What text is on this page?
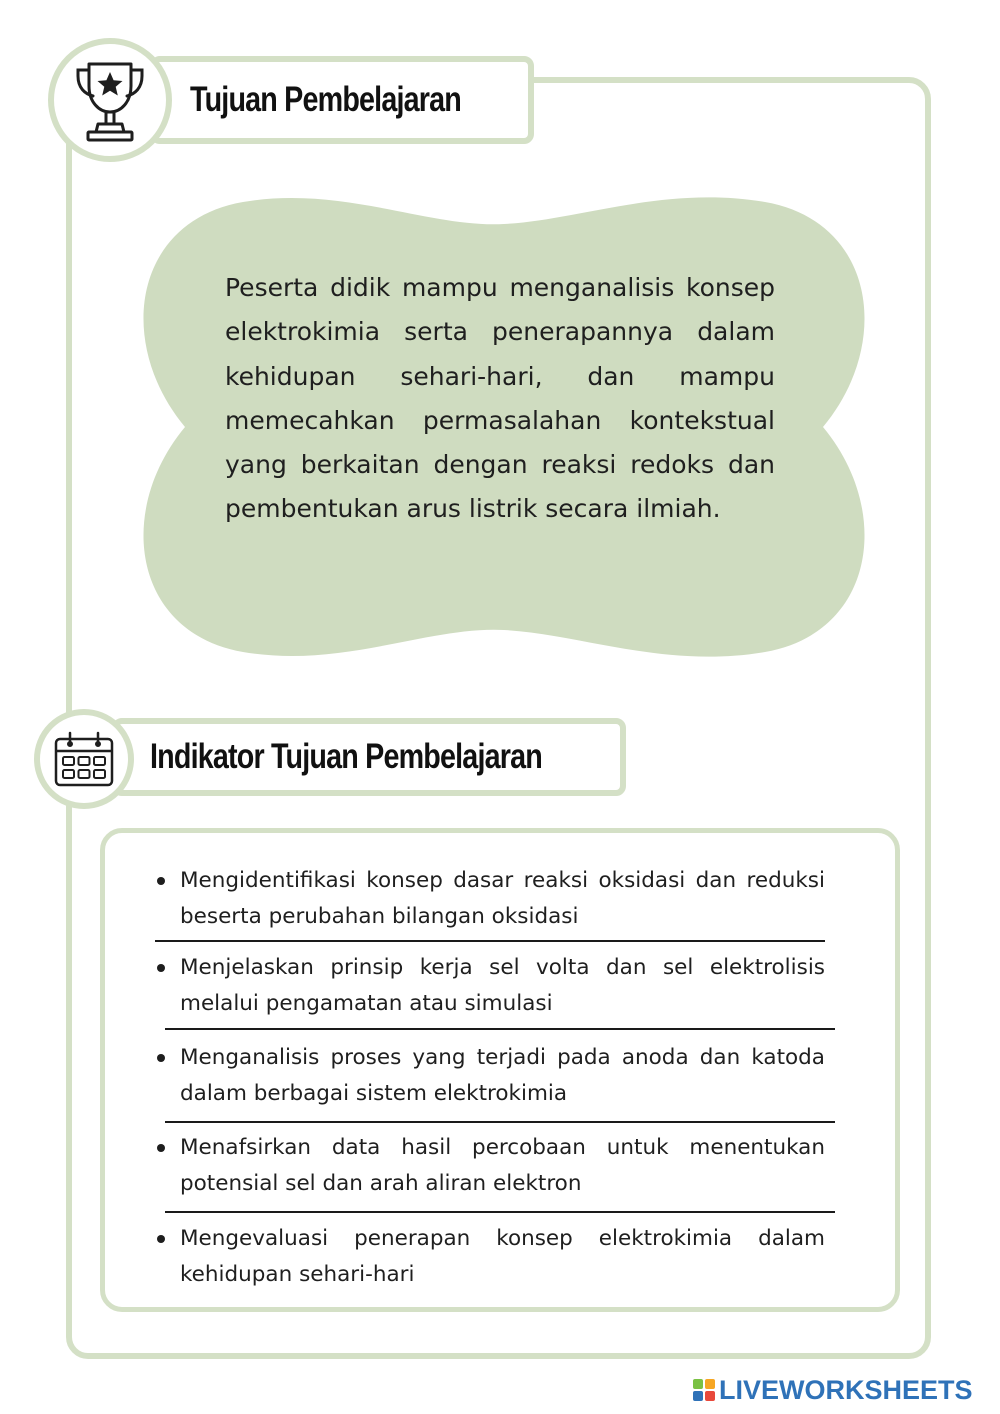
Tujuan Pembelajaran

Peserta didik mampu menganalisis konsep elektrokimia serta penerapannya dalam kehidupan sehari-hari, dan mampu memecahkan permasalahan kontekstual yang berkaitan dengan reaksi redoks dan pembentukan arus listrik secara ilmiah.

Indikator Tujuan Pembelajaran

Mengidentifikasi konsep dasar reaksi oksidasi dan reduksi beserta perubahan bilangan oksidasi

Menjelaskan prinsip kerja sel volta dan sel elektrolisis melalui pengamatan atau simulasi

Menganalisis proses yang terjadi pada anoda dan katoda dalam berbagai sistem elektrokimia

Menafsirkan data hasil percobaan untuk menentukan potensial sel dan arah aliran elektron

Mengevaluasi penerapan konsep elektrokimia dalam kehidupan sehari-hari

LIVEWORKSHEETS
